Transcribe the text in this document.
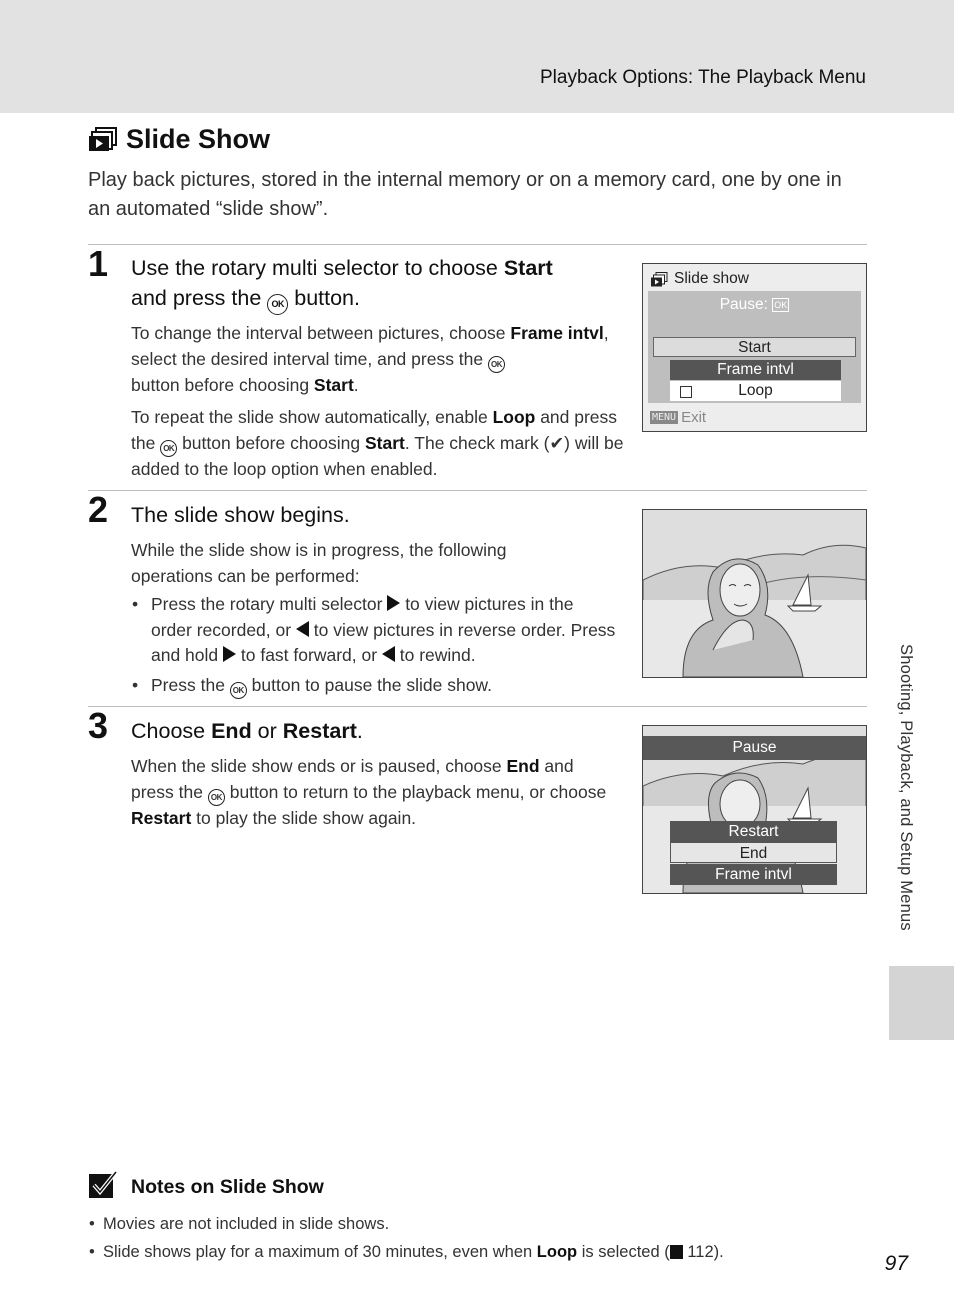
Playback Options: The Playback Menu
Slide Show
Play back pictures, stored in the internal memory or on a memory card, one by one in an automated “slide show”.
1 Use the rotary multi selector to choose Start
and press the OK button.
To change the interval between pictures, choose Frame intvl, select the desired interval time, and press the OK
button before choosing Start.
To repeat the slide show automatically, enable Loop and press the OK button before choosing Start. The check mark (✔) will be added to the loop option when enabled.
Slide show
Pause: OK
Start
Frame intvl
Loop
MENU Exit
2 The slide show begins.
While the slide show is in progress, the following operations can be performed:
• Press the rotary multi selector  to view pictures in the order recorded, or  to view pictures in reverse order. Press and hold  to fast forward, or  to rewind.
• Press the OK button to pause the slide show.
3 Choose End or Restart.
When the slide show ends or is paused, choose End and press the OK button to return to the playback menu, or choose Restart to play the slide show again.
Pause
Restart
End
Frame intvl	Shooting, Playback, and Setup Menus
Notes on Slide Show
• Movies are not included in slide shows.
• Slide shows play for a maximum of 30 minutes, even when Loop is selected ( 112).	97
